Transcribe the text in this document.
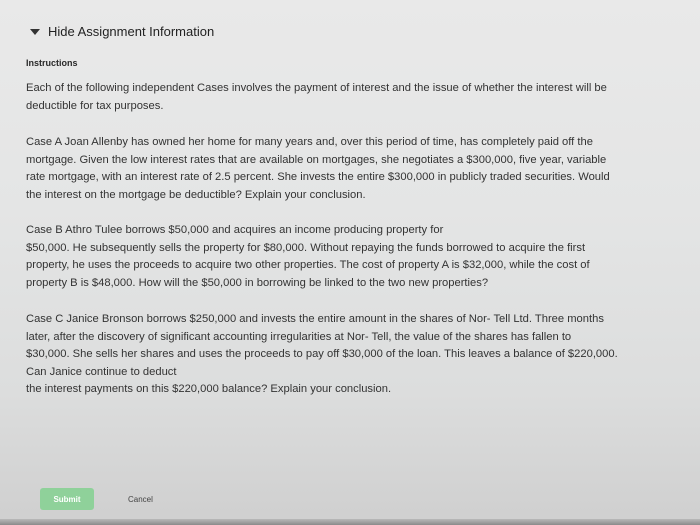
Hide Assignment Information
Instructions

Each of the following independent Cases involves the payment of interest and the issue of whether the interest will be
deductible for tax purposes.

Case A Joan Allenby has owned her home for many years and, over this period of time, has completely paid off the
mortgage. Given the low interest rates that are available on mortgages, she negotiates a $300,000, five year, variable
rate mortgage, with an interest rate of 2.5 percent. She invests the entire $300,000 in publicly traded securities. Would
the interest on the mortgage be deductible? Explain your conclusion.

Case B Athro Tulee borrows $50,000 and acquires an income producing property for
$50,000. He subsequently sells the property for $80,000. Without repaying the funds borrowed to acquire the first
property, he uses the proceeds to acquire two other properties. The cost of property A is $32,000, while the cost of
property B is $48,000. How will the $50,000 in borrowing be linked to the two new properties?

Case C Janice Bronson borrows $250,000 and invests the entire amount in the shares of Nor- Tell Ltd. Three months
later, after the discovery of significant accounting irregularities at Nor- Tell, the value of the shares has fallen to
$30,000. She sells her shares and uses the proceeds to pay off $30,000 of the loan. This leaves a balance of $220,000.
Can Janice continue to deduct
the interest payments on this $220,000 balance? Explain your conclusion.

Submit	Cancel
